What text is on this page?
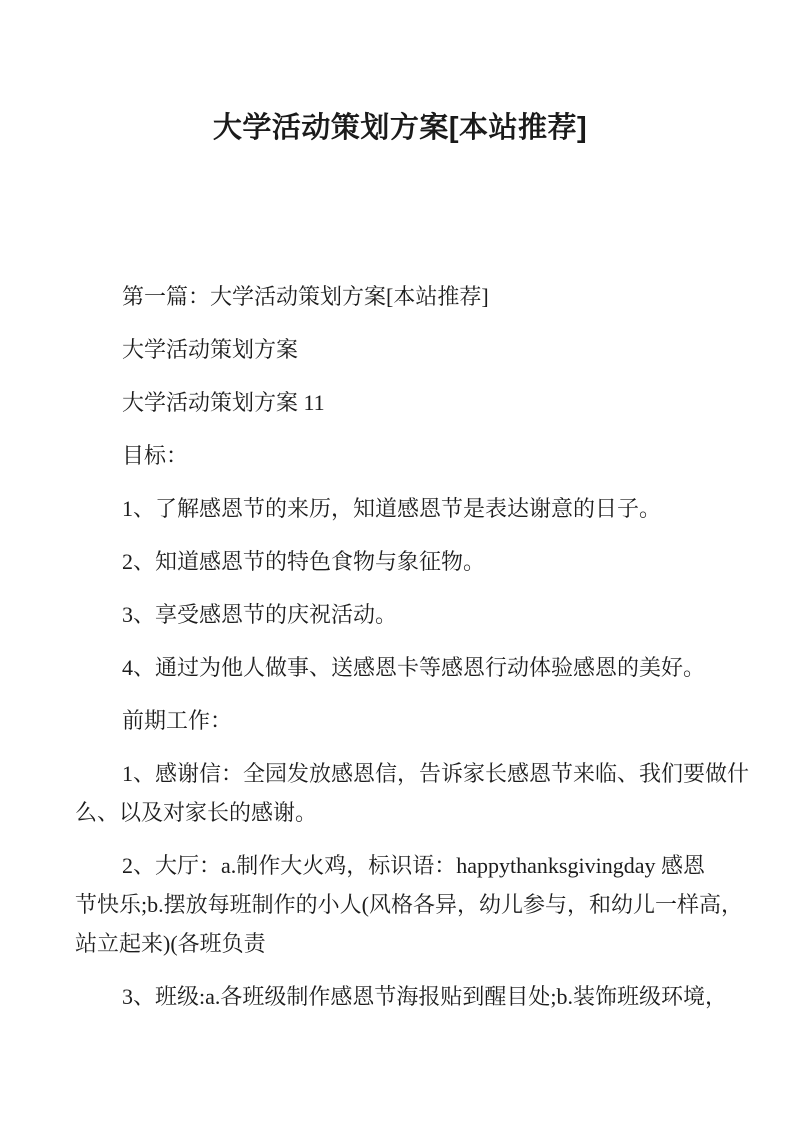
大学活动策划方案[本站推荐]
第一篇：大学活动策划方案[本站推荐]
大学活动策划方案
大学活动策划方案 11
目标：
1、了解感恩节的来历，知道感恩节是表达谢意的日子。
2、知道感恩节的特色食物与象征物。
3、享受感恩节的庆祝活动。
4、通过为他人做事、送感恩卡等感恩行动体验感恩的美好。
前期工作：
1、感谢信：全园发放感恩信，告诉家长感恩节来临、我们要做什
么、以及对家长的感谢。
2、大厅：a.制作大火鸡，标识语：happythanksgivingday 感恩
节快乐;b.摆放每班制作的小人(风格各异，幼儿参与，和幼儿一样高，
站立起来)(各班负责
3、班级:a.各班级制作感恩节海报贴到醒目处;b.装饰班级环境，
